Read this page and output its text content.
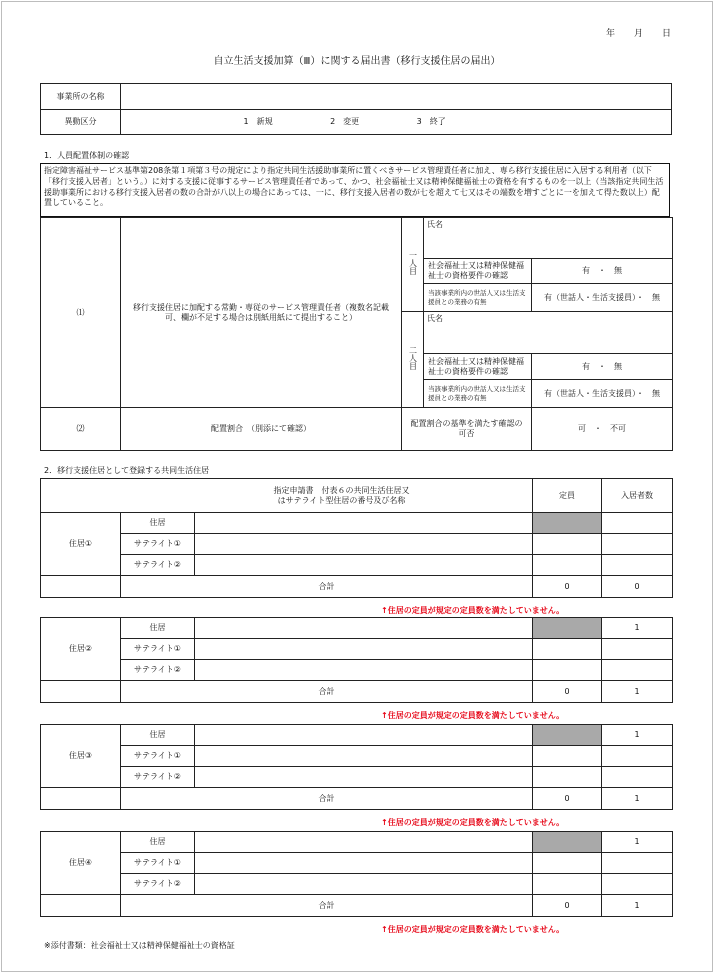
年 月 日
自立生活支援加算（Ⅲ）に関する届出書（移行支援住居の届出）
事業所の名称	
異動区分	1　新規 2　変更 3　終了
1．人員配置体制の確認
指定障害福祉サービス基準第208条第１項第３号の規定により指定共同生活援助事業所に置くべきサービス管理責任者に加え、専ら移行支援住居に入居する利用者（以下「移行支援入居者」という。）に対する支援に従事するサービス管理責任者であって、かつ、社会福祉士又は精神保健福祉士の資格を有するものを一以上（当該指定共同生活援助事業所における移行支援入居者の数の合計が八以上の場合にあっては、一に、移行支援入居者の数が七を超えて七又はその端数を増すごとに一を加えて得た数以上）配置していること。
⑴	移行支援住居に加配する常勤・専従のサービス管理責任者（複数名記載可、欄が不足する場合は別紙用紙にて提出すること）	一人目	氏名	
			社会福祉士又は精神保健福祉士の資格要件の確認	有　・　無
			当該事業所内の世話人又は生活支援員との業務の有無	有（世話人・生活支援員）・　無
		二人目	氏名	
			社会福祉士又は精神保健福祉士の資格要件の確認	有　・　無
			当該事業所内の世話人又は生活支援員との業務の有無	有（世話人・生活支援員）・　無
⑵	配置割合　（別添にて確認）	配置割合の基準を満たす確認の可否		可　・　不可
2．移行支援住居として登録する共同生活住居
指定申請書　付表６の共同生活住居又はサテライト型住居の番号及び名称			定員	入居者数
住居①	住居			
	サテライト①			
	サテライト②			
	合計		0	0
↑住居の定員が規定の定員数を満たしていません。
住居②	住居			1
	サテライト①			
	サテライト②			
	合計		0	1
↑住居の定員が規定の定員数を満たしていません。
住居③	住居			1
	サテライト①			
	サテライト②			
	合計		0	1
↑住居の定員が規定の定員数を満たしていません。
住居④	住居			1
	サテライト①			
	サテライト②			
	合計		0	1
↑住居の定員が規定の定員数を満たしていません。
※添付書類：社会福祉士又は精神保健福祉士の資格証
